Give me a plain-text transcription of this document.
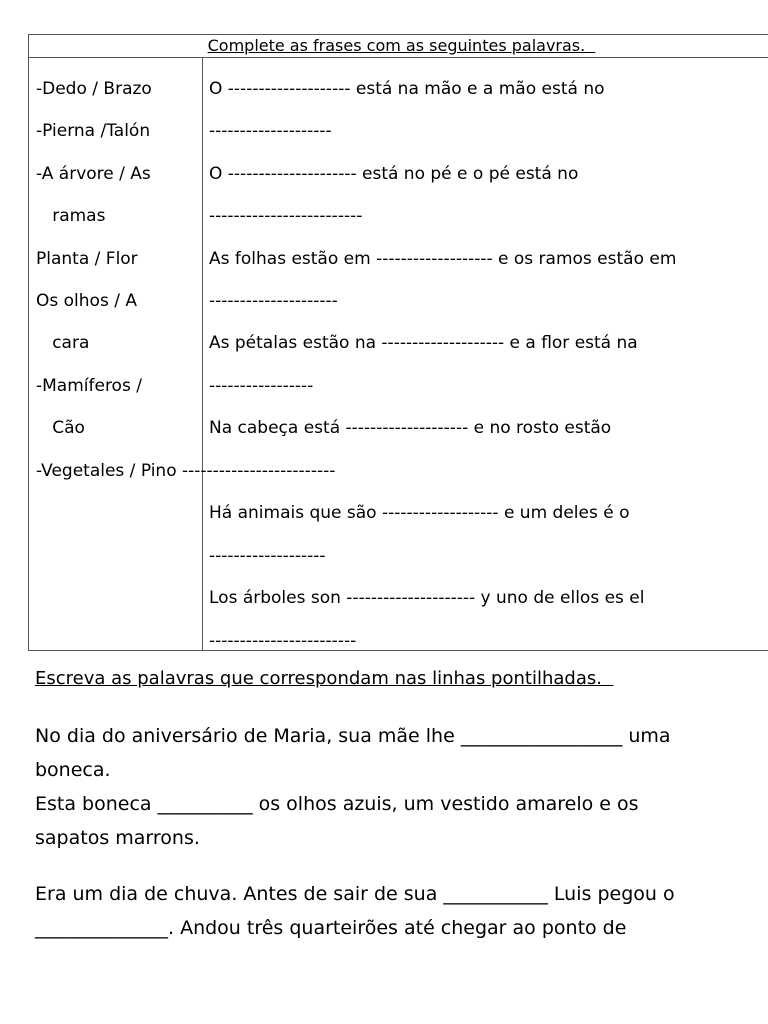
Complete as frases com as seguintes palavras.
-Dedo / Brazo
-Pierna /Talón
-A árvore / As
ramas
Planta / Flor
Os olhos / A
cara
-Mamíferos /
Cão
-Vegetales / Pino -------------------------
O -------------------- está na mão e a mão está no
--------------------
O --------------------- está no pé e o pé está no
-------------------------
As folhas estão em ------------------- e os ramos estão em
---------------------
As pétalas estão na -------------------- e a flor está na
-----------------
Na cabeça está -------------------- e no rosto estão
Há animais que são ------------------- e um deles é o
-------------------
Los árboles son --------------------- y uno de ellos es el
------------------------
Escreva as palavras que correspondam nas linhas pontilhadas.
No dia do aniversário de Maria, sua mãe lhe _________________ uma
boneca.
Esta boneca __________ os olhos azuis, um vestido amarelo e os
sapatos marrons.
Era um dia de chuva. Antes de sair de sua ___________ Luis pegou o
______________. Andou três quarteirões até chegar ao ponto de
